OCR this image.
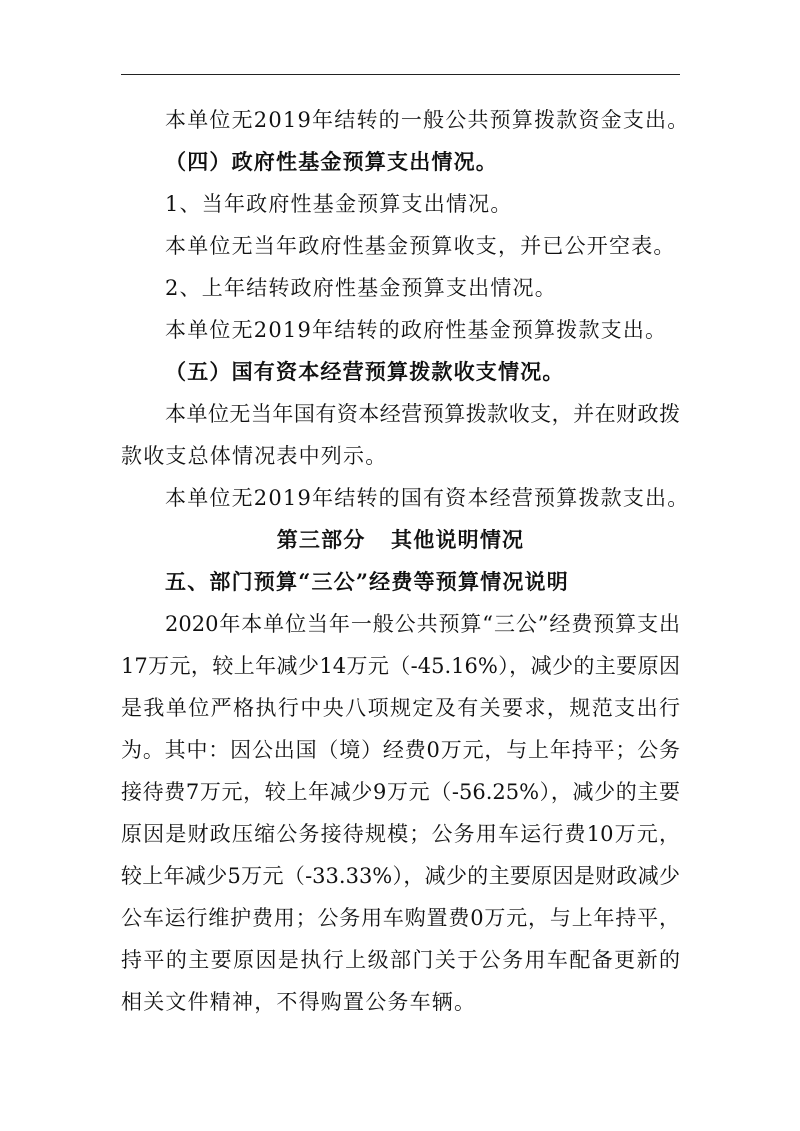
本单位无2019年结转的一般公共预算拨款资金支出。
（四）政府性基金预算支出情况。
1、当年政府性基金预算支出情况。
本单位无当年政府性基金预算收支，并已公开空表。
2、上年结转政府性基金预算支出情况。
本单位无2019年结转的政府性基金预算拨款支出。
（五）国有资本经营预算拨款收支情况。
本单位无当年国有资本经营预算拨款收支，并在财政拨
款收支总体情况表中列示。
本单位无2019年结转的国有资本经营预算拨款支出。
第三部分   其他说明情况
五、部门预算“三公”经费等预算情况说明
2020年本单位当年一般公共预算“三公”经费预算支出
17万元，较上年减少14万元（-45.16%），减少的主要原因
是我单位严格执行中央八项规定及有关要求，规范支出行
为。其中：因公出国（境）经费0万元，与上年持平；公务
接待费7万元，较上年减少9万元（-56.25%），减少的主要
原因是财政压缩公务接待规模；公务用车运行费10万元，
较上年减少5万元（-33.33%），减少的主要原因是财政减少
公车运行维护费用；公务用车购置费0万元，与上年持平，
持平的主要原因是执行上级部门关于公务用车配备更新的
相关文件精神，不得购置公务车辆。
